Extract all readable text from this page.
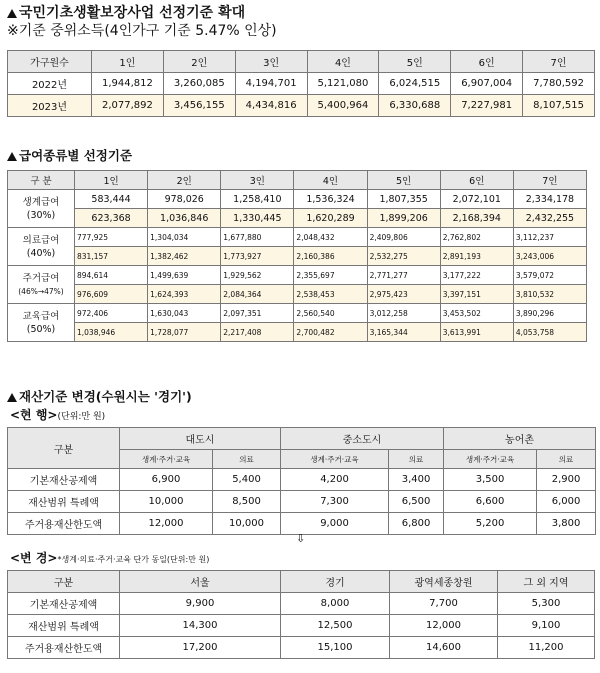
국민기초생활보장사업 선정기준 확대
※기준 중위소득(4인가구 기준 5.47% 인상)
가구원수	1인	2인	3인	4인	5인	6인	7인
2022년	1,944,812	3,260,085	4,194,701	5,121,080	6,024,515	6,907,004	7,780,592
2023년	2,077,892	3,456,155	4,434,816	5,400,964	6,330,688	7,227,981	8,107,515
급여종류별 선정기준
구 분	1인	2인	3인	4인	5인	6인	7인

생계급여
(30%)	583,444	978,026	1,258,410	1,536,324	1,807,355	2,072,101	2,334,178
	623,368	1,036,846	1,330,445	1,620,289	1,899,206	2,168,394	2,432,255

의료급여
(40%)	777,925	1,304,034	1,677,880	2,048,432	2,409,806	2,762,802	3,112,237
	831,157	1,382,462	1,773,927	2,160,386	2,532,275	2,891,193	3,243,006

주거급여
(46%→47%)	894,614	1,499,639	1,929,562	2,355,697	2,771,277	3,177,222	3,579,072
	976,609	1,624,393	2,084,364	2,538,453	2,975,423	3,397,151	3,810,532

교육급여
(50%)	972,406	1,630,043	2,097,351	2,560,540	3,012,258	3,453,502	3,890,296
	1,038,946	1,728,077	2,217,408	2,700,482	3,165,344	3,613,991	4,053,758
재산기준 변경(수원시는 '경기')
<현 행>(단위:만 원)
구분	대도시		중소도시		농어촌	
	생계·주거·교육	의료	생계·주거·교육	의료	생계·주거·교육	의료
기본재산공제액	6,900	5,400	4,200	3,400	3,500	2,900
재산범위 특례액	10,000	8,500	7,300	6,500	6,600	6,000
주거용재산한도액	12,000	10,000	9,000	6,800	5,200	3,800
⇩
<변 경>*생계·의료·주거·교육 단가 동일(단위:만 원)
구분	서울	경기	광역세종창원	그 외 지역
기본재산공제액	9,900	8,000	7,700	5,300
재산범위 특례액	14,300	12,500	12,000	9,100
주거용재산한도액	17,200	15,100	14,600	11,200
